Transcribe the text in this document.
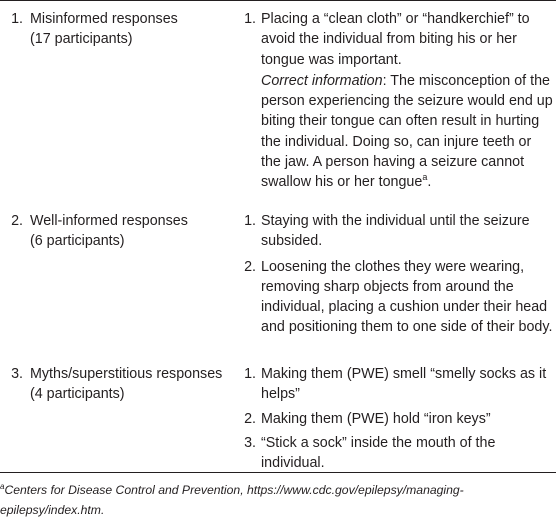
1. Misinformed responses
(17 participants)
1. Placing a “clean cloth” or “handkerchief” to avoid the individual from biting his or her tongue was important.
Correct information: The misconception of the person experiencing the seizure would end up biting their tongue can often result in hurting the individual. Doing so, can injure teeth or the jaw. A person having a seizure cannot swallow his or her tongue$^a$.
2. Well-informed responses
(6 participants)
1. Staying with the individual until the seizure subsided.
2. Loosening the clothes they were wearing, removing sharp objects from around the individual, placing a cushion under their head and positioning them to one side of their body.
3. Myths/superstitious responses
(4 participants)
1. Making them (PWE) smell “smelly socks as it helps”
2. Making them (PWE) hold “iron keys”
3. “Stick a sock” inside the mouth of the individual.
$^a$Centers for Disease Control and Prevention, https://www.cdc.gov/epilepsy/managing-epilepsy/index.htm.
